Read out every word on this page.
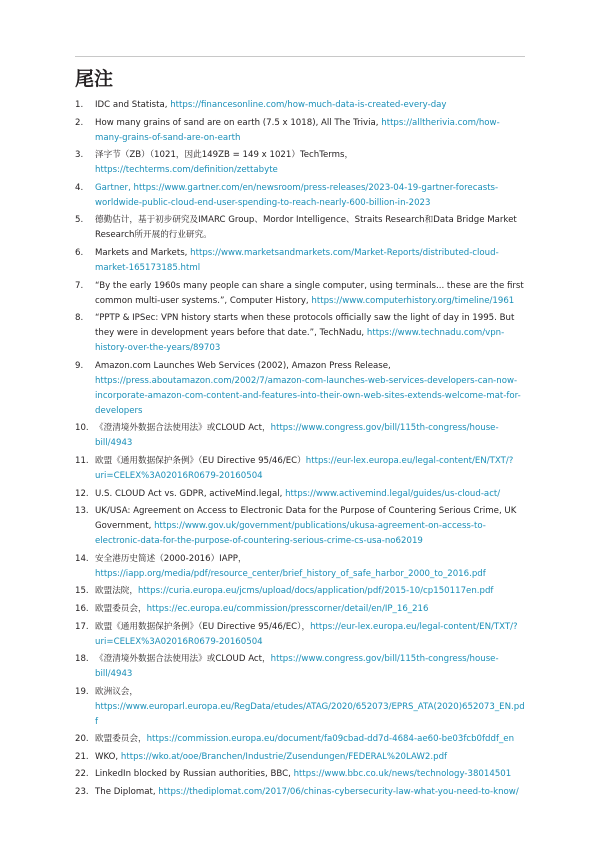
尾注
1.	IDC and Statista, https://financesonline.com/how-much-data-is-created-every-day
2.	How many grains of sand are on earth (7.5 x 1018), All The Trivia, https://alltherivia.com/how-many-grains-of-sand-are-on-earth
3.	泽字节（ZB）（1021，因此149ZB = 149 x 1021）TechTerms，https://techterms.com/definition/zettabyte
4.	Gartner, https://www.gartner.com/en/newsroom/press-releases/2023-04-19-gartner-forecasts-worldwide-public-cloud-end-user-spending-to-reach-nearly-600-billion-in-2023
5.	德勤估计，基于初步研究及IMARC Group、Mordor Intelligence、Straits Research和Data Bridge Market Research所开展的行业研究。
6.	Markets and Markets, https://www.marketsandmarkets.com/Market-Reports/distributed-cloud-market-165173185.html
7.	“By the early 1960s many people can share a single computer, using terminals... these are the first common multi-user systems.”, Computer History, https://www.computerhistory.org/timeline/1961
8.	“PPTP & IPSec: VPN history starts when these protocols officially saw the light of day in 1995. But they were in development years before that date.”, TechNadu, https://www.technadu.com/vpn-history-over-the-years/89703
9.	Amazon.com Launches Web Services (2002), Amazon Press Release, https://press.aboutamazon.com/2002/7/amazon-com-launches-web-services-developers-can-now-incorporate-amazon-com-content-and-features-into-their-own-web-sites-extends-welcome-mat-for-developers
10. 《澄清境外数据合法使用法》或CLOUD Act，https://www.congress.gov/bill/115th-congress/house-bill/4943
11. 欧盟《通用数据保护条例》（EU Directive 95/46/EC）https://eur-lex.europa.eu/legal-content/EN/TXT/?uri=CELEX%3A02016R0679-20160504
12. U.S. CLOUD Act vs. GDPR, activeMind.legal, https://www.activemind.legal/guides/us-cloud-act/
13. UK/USA: Agreement on Access to Electronic Data for the Purpose of Countering Serious Crime, UK Government, https://www.gov.uk/government/publications/ukusa-agreement-on-access-to-electronic-data-for-the-purpose-of-countering-serious-crime-cs-usa-no62019
14. 安全港历史简述（2000-2016）IAPP，https://iapp.org/media/pdf/resource_center/brief_history_of_safe_harbor_2000_to_2016.pdf
15. 欧盟法院，https://curia.europa.eu/jcms/upload/docs/application/pdf/2015-10/cp150117en.pdf
16. 欧盟委员会，https://ec.europa.eu/commission/presscorner/detail/en/IP_16_216
17. 欧盟《通用数据保护条例》（EU Directive 95/46/EC），https://eur-lex.europa.eu/legal-content/EN/TXT/?uri=CELEX%3A02016R0679-20160504
18. 《澄清境外数据合法使用法》或CLOUD Act，https://www.congress.gov/bill/115th-congress/house-bill/4943
19. 欧洲议会，https://www.europarl.europa.eu/RegData/etudes/ATAG/2020/652073/EPRS_ATA(2020)652073_EN.pdf
20. 欧盟委员会，https://commission.europa.eu/document/fa09cbad-dd7d-4684-ae60-be03fcb0fddf_en
21. WKO, https://wko.at/ooe/Branchen/Industrie/Zusendungen/FEDERAL%20LAW2.pdf
22. LinkedIn blocked by Russian authorities, BBC, https://www.bbc.co.uk/news/technology-38014501
23. The Diplomat, https://thediplomat.com/2017/06/chinas-cybersecurity-law-what-you-need-to-know/
